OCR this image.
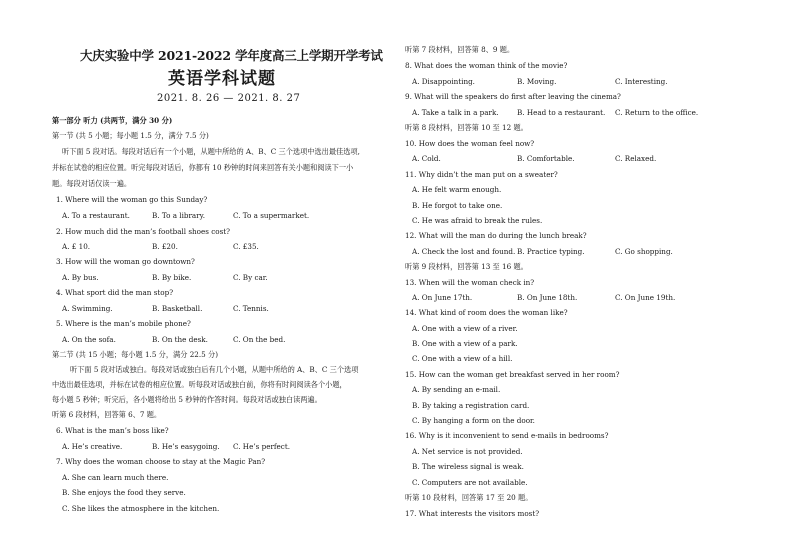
大庆实验中学 2021-2022 学年度高三上学期开学考试
英语学科试题
2021. 8. 26 — 2021. 8. 27
第一部分 听力 (共两节，满分 30 分)
第一节 (共 5 小题；每小题 1.5 分，满分 7.5 分)
听下面 5 段对话。每段对话后有一个小题，从题中所给的 A、B、C 三个选项中选出最佳选项,
并标在试卷的相应位置。听完每段对话后，你都有 10 秒钟的时间来回答有关小题和阅读下一小
题。每段对话仅读一遍。
1. Where will the woman go this Sunday?
A. To a restaurant.	B. To a library.	C. To a supermarket.
2. How much did the man’s football shoes cost?
A. £ 10.	B. £20.	C. £35.
3. How will the woman go downtown?
A. By bus.	B. By bike.	C. By car.
4. What sport did the man stop?
A. Swimming.	B. Basketball.	C. Tennis.
5. Where is the man’s mobile phone?
A. On the sofa.	B. On the desk.	C. On the bed.
第二节 (共 15 小题；每小题 1.5 分，满分 22.5 分)
听下面 5 段对话或独白。每段对话或独白后有几个小题，从题中所给的 A、B、C 三个选项
中选出最佳选项，并标在试卷的相应位置。听每段对话或独白前，你将有时间阅读各个小题，
每小题 5 秒钟；听完后，各小题将给出 5 秒钟的作答时间。每段对话或独白读两遍。
听第 6 段材料，回答第 6、7 题。
6. What is the man’s boss like?
A. He’s creative.	B. He’s easygoing. C. He’s perfect.
7. Why does the woman choose to stay at the Magic Pan?
A. She can learn much there.
B. She enjoys the food they serve.
C. She likes the atmosphere in the kitchen.
听第 7 段材料，回答第 8、9 题。
8. What does the woman think of the movie?
A. Disappointing.	B. Moving.	C. Interesting.
9. What will the speakers do first after leaving the cinema?
A. Take a talk in a park.	B. Head to a restaurant. C. Return to the office.
听第 8 段材料，回答第 10 至 12 题。
10. How does the woman feel now?
A. Cold.	B. Comfortable.	C. Relaxed.
11. Why didn’t the man put on a sweater?
A. He felt warm enough.
B. He forgot to take one.
C. He was afraid to break the rules.
12. What will the man do during the lunch break?
A. Check the lost and found. B. Practice typing.	C. Go shopping.
听第 9 段材料，回答第 13 至 16 题。
13. When will the woman check in?
A. On June 17th.	B. On June 18th.	C. On June 19th.
14. What kind of room does the woman like?
A. One with a view of a river.
B. One with a view of a park.
C. One with a view of a hill.
15. How can the woman get breakfast served in her room?
A. By sending an e-mail.
B. By taking a registration card.
C. By hanging a form on the door.
16. Why is it inconvenient to send e-mails in bedrooms?
A. Net service is not provided.
B. The wireless signal is weak.
C. Computers are not available.
听第 10 段材料，回答第 17 至 20 题。
17. What interests the visitors most?
